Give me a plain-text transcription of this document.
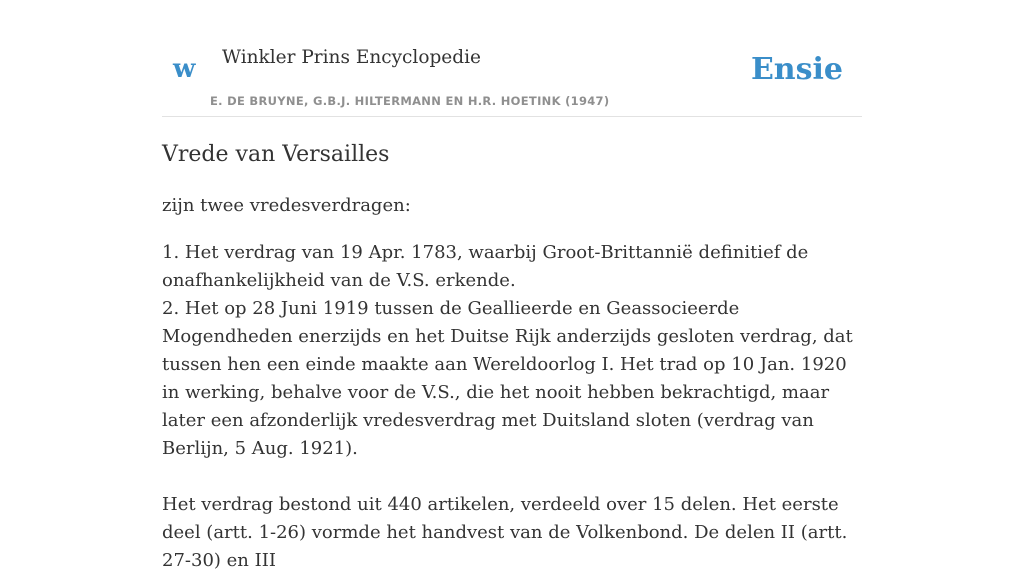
w Winkler Prins Encyclopedie
E. DE BRUYNE, G.B.J. HILTERMANN EN H.R. HOETINK (1947)
Ensie
Vrede van Versailles

zijn twee vredesverdragen:

1. Het verdrag van 19 Apr. 1783, waarbij Groot-Brittannië definitief de onafhankelijkheid van de V.S. erkende.

2. Het op 28 Juni 1919 tussen de Geallieerde en Geassocieerde Mogendheden enerzijds en het Duitse Rijk anderzijds gesloten verdrag, dat tussen hen een einde maakte aan Wereldoorlog I. Het trad op 10 Jan. 1920 in werking, behalve voor de V.S., die het nooit hebben bekrachtigd, maar later een afzonderlijk vredesverdrag met Duitsland sloten (verdrag van Berlijn, 5 Aug. 1921).

Het verdrag bestond uit 440 artikelen, verdeeld over 15 delen. Het eerste deel (artt. 1-26) vormde het handvest van de Volkenbond. De delen II (artt. 27-30) en III
